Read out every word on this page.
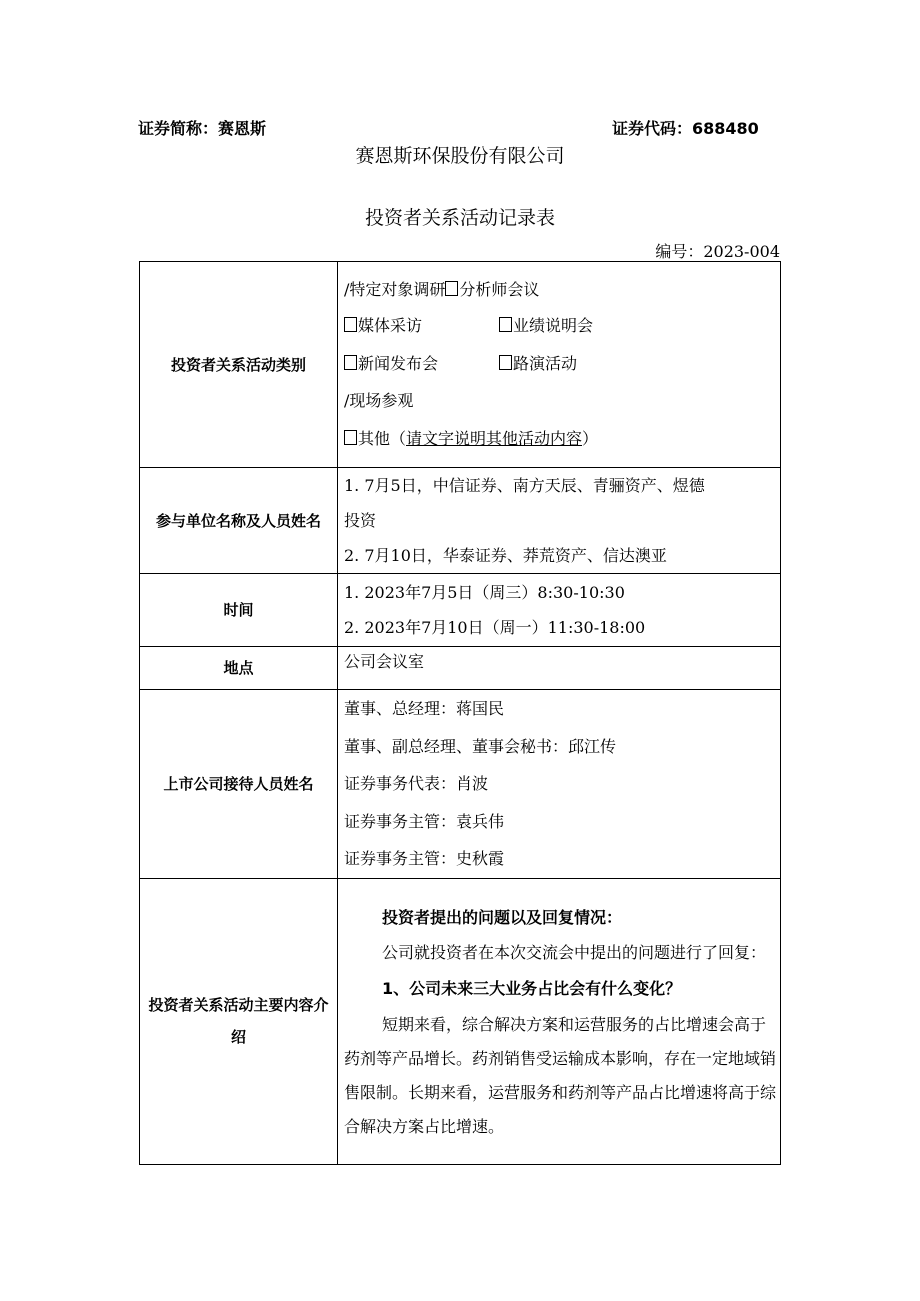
证券简称：赛恩斯	证券代码：688480
赛恩斯环保股份有限公司
投资者关系活动记录表
编号：2023-004
投资者关系活动类别	/特定对象调研 分析师会议
媒体采访 业绩说明会
新闻发布会 路演活动
/现场参观
其他（请文字说明其他活动内容）

参与单位名称及人员姓名	1. 7月5日，中信证券、南方天辰、青骊资产、煜德
投资
2. 7月10日，华泰证券、莽荒资产、信达澳亚

时间	1. 2023年7月5日（周三）8:30-10:30
2. 2023年7月10日（周一）11:30-18:00

地点	公司会议室

上市公司接待人员姓名	董事、总经理：蒋国民
董事、副总经理、董事会秘书：邱江传
证券事务代表：肖波
证券事务主管：袁兵伟
证券事务主管：史秋霞

投资者关系活动主要内容介绍	投资者提出的问题以及回复情况：

公司就投资者在本次交流会中提出的问题进行了回复：

1、公司未来三大业务占比会有什么变化？

短期来看，综合解决方案和运营服务的占比增速会高于药剂等产品增长。药剂销售受运输成本影响，存在一定地域销售限制。长期来看，运营服务和药剂等产品占比增速将高于综合解决方案占比增速。
